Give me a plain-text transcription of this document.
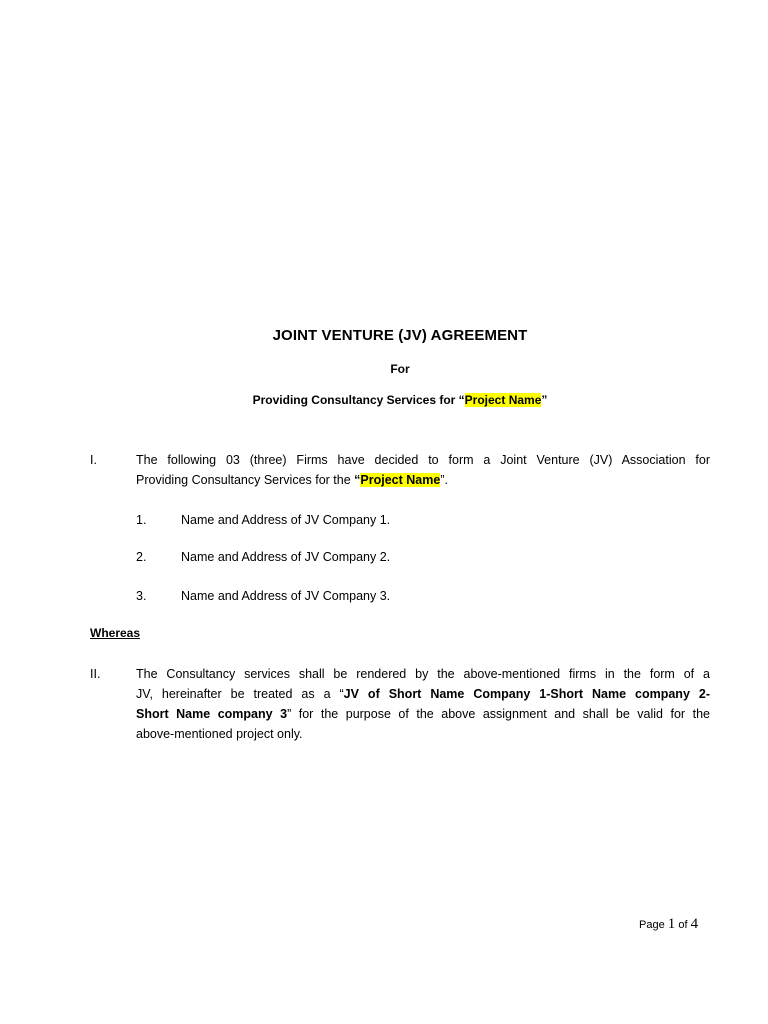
JOINT VENTURE (JV) AGREEMENT
For
Providing Consultancy Services for “Project Name”
I.	The following 03 (three) Firms have decided to form a Joint Venture (JV) Association for
Providing Consultancy Services for the “Project Name”.
1.	Name and Address of JV Company 1.
2.	Name and Address of JV Company 2.
3.	Name and Address of JV Company 3.
Whereas
II.	The Consultancy services shall be rendered by the above-mentioned firms in the form of a
JV, hereinafter be treated as a “JV of Short Name Company 1-Short Name company 2-
Short Name company 3” for the purpose of the above assignment and shall be valid for the
above-mentioned project only.
Page 1 of 4
